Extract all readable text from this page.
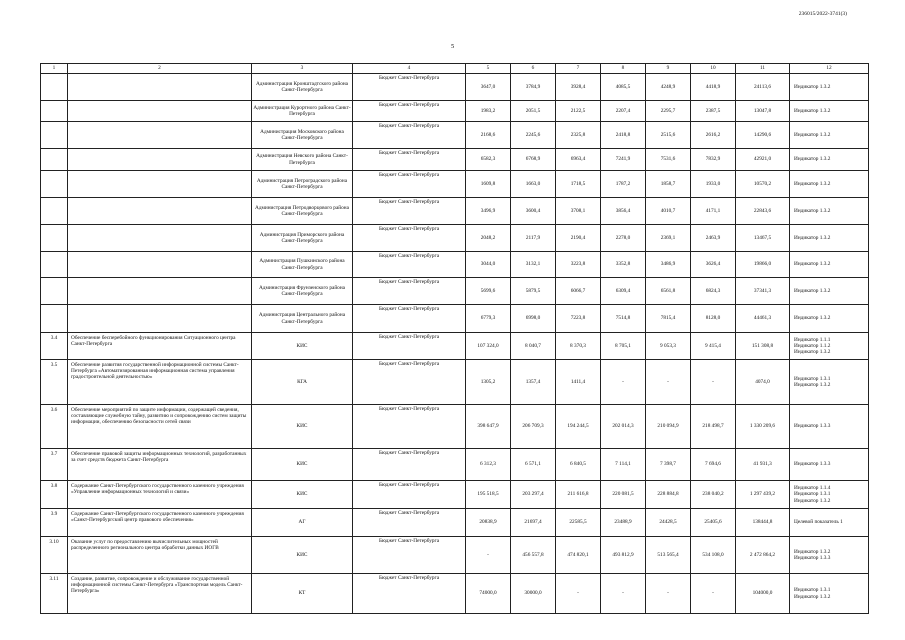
236015/2022-3741(3)
5
1	2	3	4	5	6	7	8	9	10	11	12
		Администрация Кронштадтского района Санкт-Петербурга	Бюджет Санкт-Петербурга	3647,0	3784,9	3928,4	4085,5	4248,9	4418,9	24113,6	Индикатор 1.3.2

		Администрация Курортного района Санкт-Петербурга	Бюджет Санкт-Петербурга	1983,2	2051,5	2122,5	2207,4	2295,7	2387,5	13047,8	Индикатор 1.3.2

		Администрация Московского района Санкт-Петербурга	Бюджет Санкт-Петербурга	2168,6	2245,6	2325,8	2418,8	2515,6	2616,2	14290,6	Индикатор 1.3.2

		Администрация Невского района Санкт-Петербурга	Бюджет Санкт-Петербурга	6582,3	6768,9	6963,4	7241,9	7531,6	7832,9	42921,0	Индикатор 1.3.2

		Администрация Петроградского района Санкт-Петербурга	Бюджет Санкт-Петербурга	1609,8	1663,0	1718,5	1787,2	1858,7	1933,0	10570,2	Индикатор 1.3.2

		Администрация Петродворцового района Санкт-Петербурга	Бюджет Санкт-Петербурга	3496,9	3600,4	3708,1	3856,4	4010,7	4171,1	22843,6	Индикатор 1.3.2

		Администрация Приморского района Санкт-Петербурга	Бюджет Санкт-Петербурга	2048,2	2117,9	2190,4	2278,0	2369,1	2463,9	13467,5	Индикатор 1.3.2

		Администрация Пушкинского района Санкт-Петербурга	Бюджет Санкт-Петербурга	3044,0	3132,1	3223,8	3352,8	3486,9	3626,4	19866,0	Индикатор 1.3.2

		Администрация Фрунзенского района Санкт-Петербурга	Бюджет Санкт-Петербурга	5699,6	5879,5	6066,7	6309,4	6561,8	6824,3	37341,3	Индикатор 1.3.2

		Администрация Центрального района Санкт-Петербурга	Бюджет Санкт-Петербурга	6779,3	6998,0	7223,8	7514,8	7815,4	8128,0	44461,3	Индикатор 1.3.2

3.4	Обеспечение бесперебойного функционирования Ситуационного центра Санкт-Петербурга	КИС	Бюджет Санкт-Петербурга	107 324,0	8 040,7	8 370,3	8 705,1	9 053,3	9 415,4	151 308,8	Индикатор 1.1.1
Индикатор 1.1.2
Индикатор 1.3.2

3.5	Обеспечение развития государственной информационной системы Санкт-Петербурга «Автоматизированная информационная система управления градостроительной деятельностью»	КГА	Бюджет Санкт-Петербурга	1305,2	1357,4	1411,4	-	-	-	4074,0	Индикатор 1.3.1
Индикатор 1.3.2

3.6	Обеспечение мероприятий по защите информации, содержащей сведения, составляющие служебную тайну, развитию и сопровождению систем защиты информации, обеспечению безопасности сетей связи	КИС	Бюджет Санкт-Петербурга	398 647,9	206 709,3	194 244,5	202 014,3	210 094,9	218 498,7	1 330 209,6	Индикатор 1.3.3

3.7	Обеспечение правовой защиты информационных технологий, разработанных за счет средств бюджета Санкт-Петербурга	КИС	Бюджет Санкт-Петербурга	6 312,3	6 571,1	6 840,5	7 114,1	7 398,7	7 694,6	41 931,3	Индикатор 1.3.3

3.8	Содержание Санкт-Петербургского государственного казенного учреждения «Управление информационных технологий и связи»	КИС	Бюджет Санкт-Петербурга	195 518,5	203 297,4	211 616,8	220 081,5	228 884,8	238 040,2	1 297 439,2	Индикатор 1.1.4
Индикатор 1.3.1
Индикатор 1.3.2

3.9	Содержание Санкт-Петербургского государственного казенного учреждения «Санкт-Петербургский центр правового обеспечения»	АГ	Бюджет Санкт-Петербурга	20838,9	21697,4	22585,5	23488,9	24428,5	25405,6	138444,8	Целевой показатель 1

3.10	Оказание услуг по предоставлению вычислительных мощностей распределенного регионального центра обработки данных ИОГВ	КИС	Бюджет Санкт-Петербурга	-	456 557,8	474 820,1	493 812,9	513 565,4	534 108,0	2 472 864,2	Индикатор 1.3.2
Индикатор 1.3.3

3.11	Создание, развитие, сопровождение и обслуживание государственной информационной системы Санкт-Петербурга «Транспортная модель Санкт-Петербурга»	КТ	Бюджет Санкт-Петербурга	74000,0	30000,0	-	-	-	-	104000,0	Индикатор 1.3.1
Индикатор 1.3.2
